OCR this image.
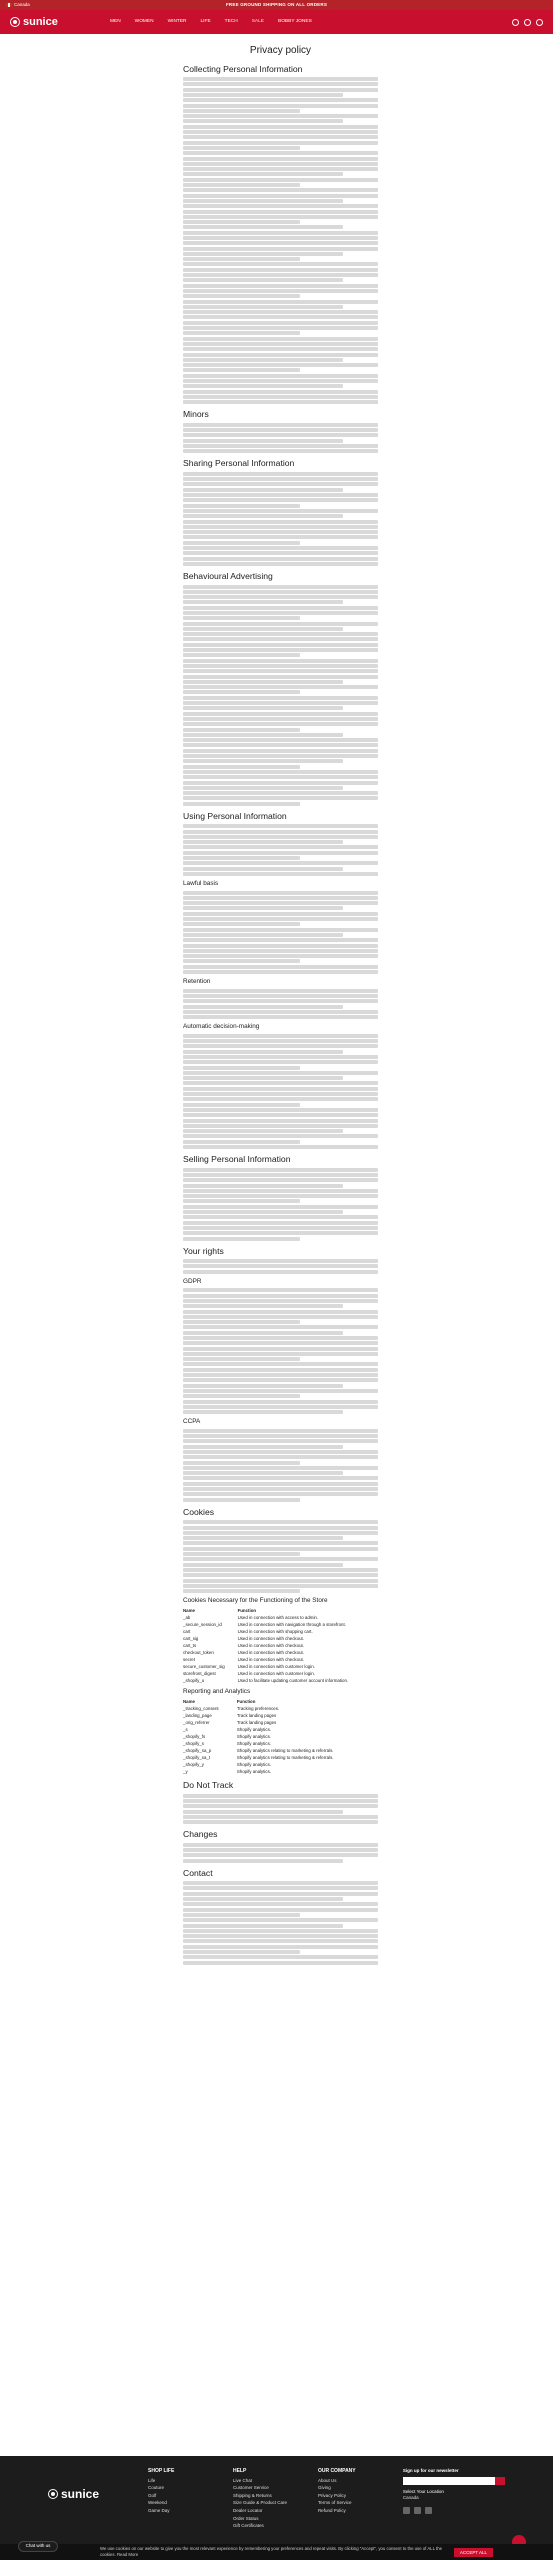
Canada	FREE GROUND SHIPPING ON ALL ORDERS
sunice	MEN	WOMEN	WINTER	LIFE	TECH	SALE	BOBBY JONES
Privacy policy
Collecting Personal Information
Minors
Sharing Personal Information
Behavioural Advertising
Using Personal Information
Lawful basis
Retention
Automatic decision-making
Selling Personal Information
Your rights
GDPR
CCPA
Cookies
Cookies Necessary for the Functioning of the Store
Name	Function
_ab	Used in connection with access to admin.
_secure_session_id	Used in connection with navigation through a storefront.
cart	Used in connection with shopping cart.
cart_sig	Used in connection with checkout.
cart_ts	Used in connection with checkout.
checkout_token	Used in connection with checkout.
secret	Used in connection with checkout.
secure_customer_sig	Used in connection with customer login.
storefront_digest	Used in connection with customer login.
_shopify_u	Used to facilitate updating customer account information.
Reporting and Analytics
Name	Function
_tracking_consent	Tracking preferences.
_landing_page	Track landing pages
_orig_referrer	Track landing pages
_s	Shopify analytics.
_shopify_fs	Shopify analytics.
_shopify_s	Shopify analytics.
_shopify_sa_p	Shopify analytics relating to marketing & referrals.
_shopify_sa_t	Shopify analytics relating to marketing & referrals.
_shopify_y	Shopify analytics.
_y	Shopify analytics.
Do Not Track
Changes
Contact
sunice
SHOP LIFE
Life
Couture
Golf
Weekend
Game Day
HELP
Live Chat
Customer Service
Shipping & Returns
Size Guide & Product Care
Dealer Locator
Order Status
Gift Certificates
OUR COMPANY
About Us
Giving
Privacy Policy
Terms of Service
Refund Policy
Sign up for our newsletter
Select Your Location
Canada
We use cookies on our website to give you the most relevant experience by remembering your preferences and repeat visits. By clicking "Accept", you consent to the use of ALL the cookies. Read More	ACCEPT ALL
Chat with us
